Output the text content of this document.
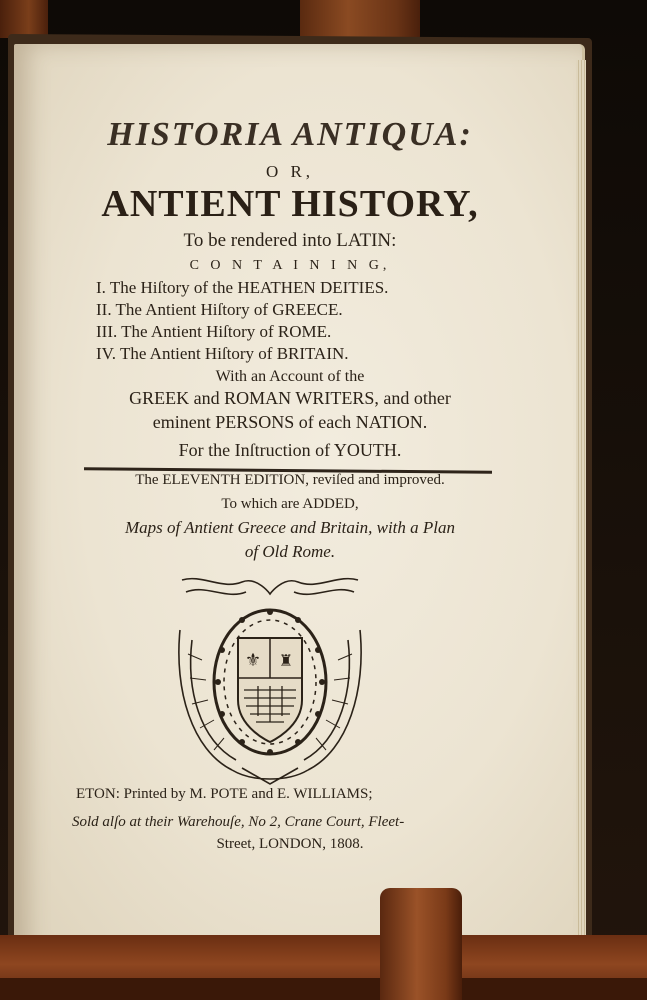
HISTORIA ANTIQUA:
O R,
ANTIENT HISTORY,
To be rendered into LATIN:
C O N T A I N I N G,
I. The Hiſtory of the HEATHEN DEITIES.
II. The Antient Hiſtory of GREECE.
III. The Antient Hiſtory of ROME.
IV. The Antient Hiſtory of BRITAIN.
With an Account of the
GREEK and ROMAN WRITERS, and other
eminent PERSONS of each NATION.
For the Inſtruction of YOUTH.
The ELEVENTH EDITION, reviſed and improved.
To which are ADDED,
Maps of Antient Greece and Britain, with a Plan
of Old Rome.
ETON: Printed by M. POTE and E. WILLIAMS;
Sold alſo at their Warehouſe, No 2, Crane Court, Fleet-
Street, LONDON, 1808.
⚜ ♜
